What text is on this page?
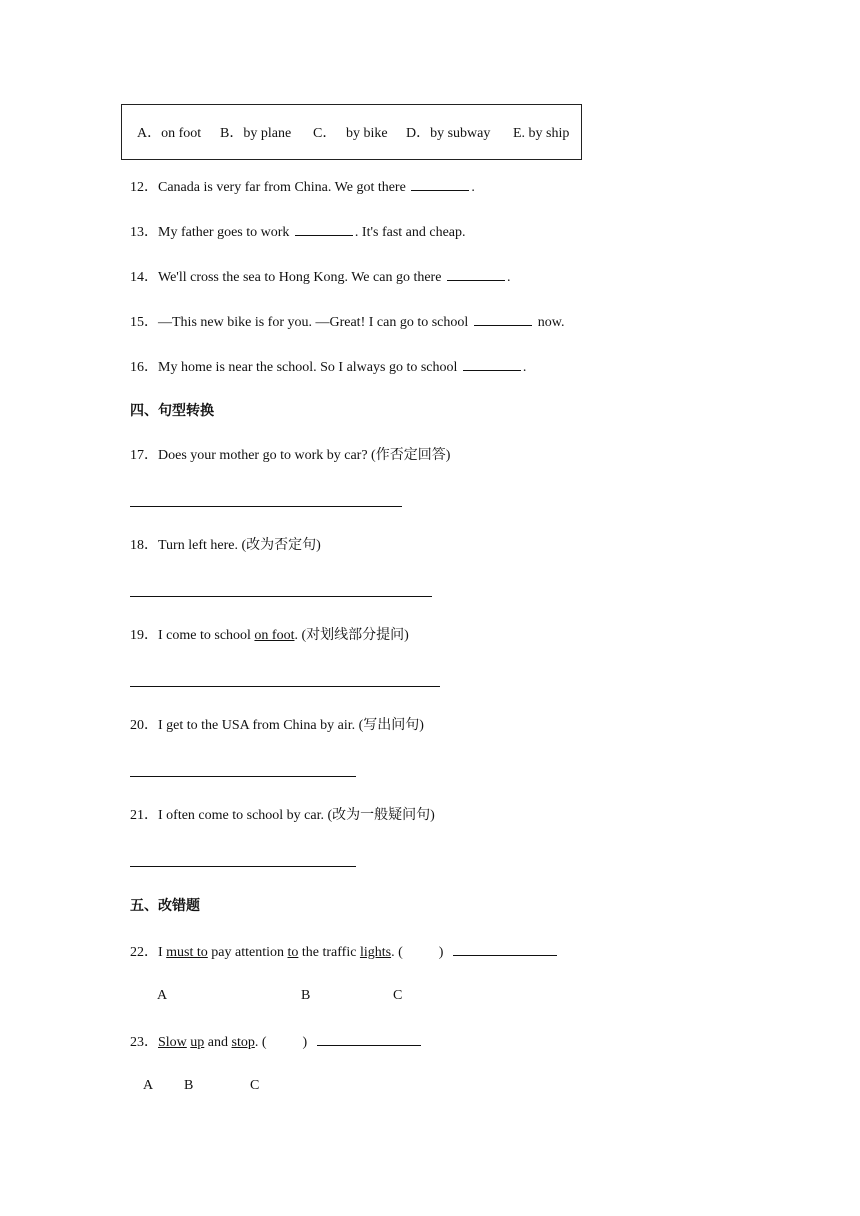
A．on foot B．by plane C． by bike D．by subway E. by ship
12．Canada is very far from China. We got there	.
13．My father goes to work	. It's fast and cheap.
14．We'll cross the sea to Hong Kong. We can go there	.
15．—This new bike is for you. —Great! I can go to school	now.
16．My home is near the school. So I always go to school	.
四、句型转换
17．Does your mother go to work by car? (作否定回答)
18．Turn left here. (改为否定句)
19．I come to school on foot. (对划线部分提问)
20．I get to the USA from China by air. (写出问句)
21．I often come to school by car. (改为一般疑问句)
五、改错题
22．I must to pay attention to the traffic lights. (	)
A	B	C
23．Slow up and stop. (	)
A B	C
